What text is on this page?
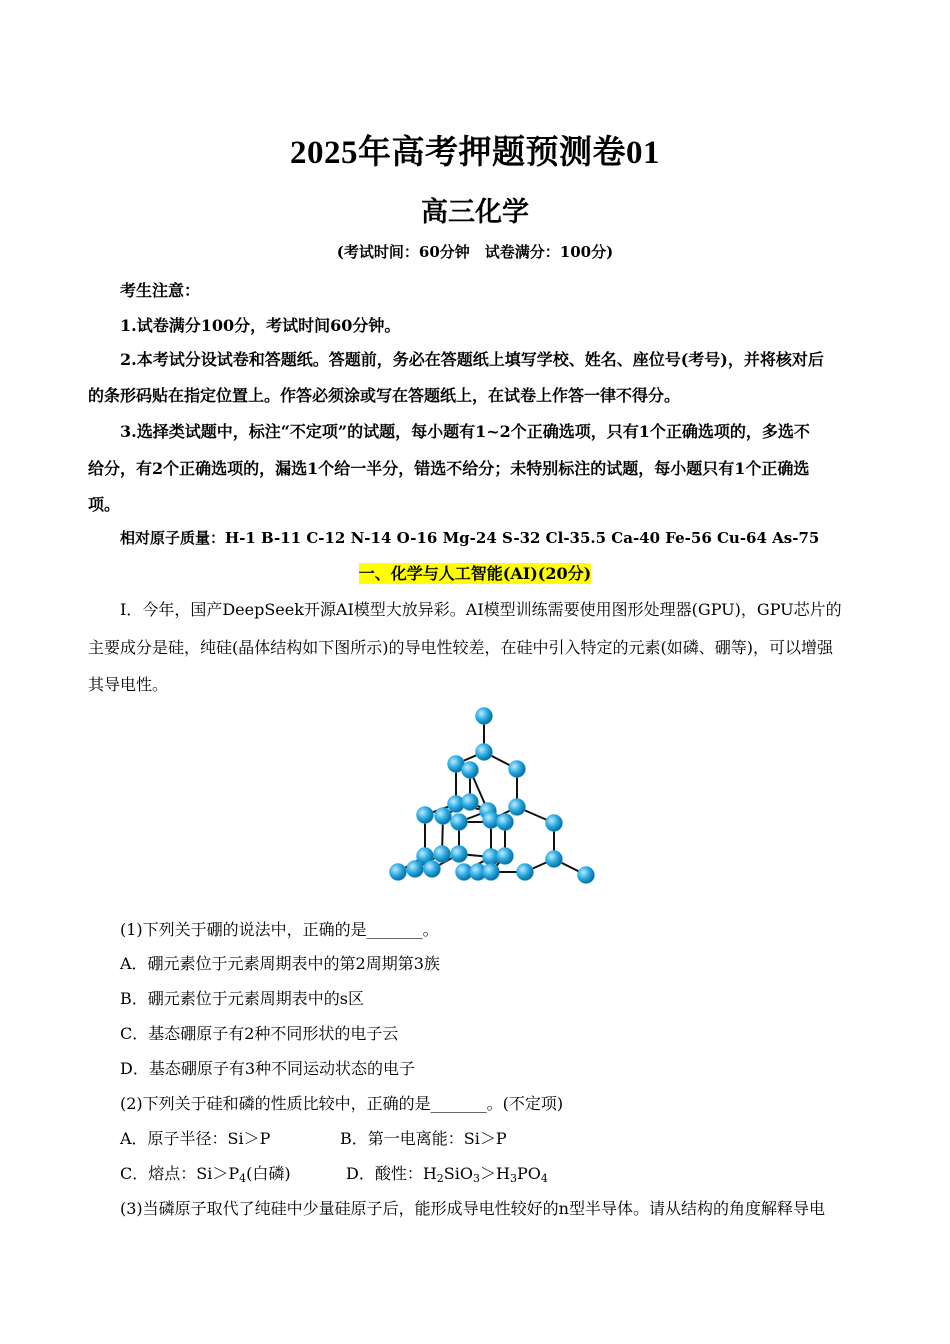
2025年高考押题预测卷01
高三化学
(考试时间：60分钟　试卷满分：100分)
考生注意：
1.试卷满分100分，考试时间60分钟。
2.本考试分设试卷和答题纸。答题前，务必在答题纸上填写学校、姓名、座位号(考号)，并将核对后
的条形码贴在指定位置上。作答必须涂或写在答题纸上，在试卷上作答一律不得分。
3.选择类试题中，标注“不定项”的试题，每小题有1~2个正确选项，只有1个正确选项的，多选不
给分，有2个正确选项的，漏选1个给一半分，错选不给分；未特别标注的试题，每小题只有1个正确选
项。
相对原子质量：H-1 B-11 C-12 N-14 O-16 Mg-24 S-32 Cl-35.5 Ca-40 Fe-56 Cu-64 As-75
一、化学与人工智能(AI)(20分)
I．今年，国产DeepSeek开源AI模型大放异彩。AI模型训练需要使用图形处理器(GPU)，GPU芯片的
主要成分是硅，纯硅(晶体结构如下图所示)的导电性较差，在硅中引入特定的元素(如磷、硼等)，可以增强
其导电性。
(1)下列关于硼的说法中，正确的是_______。
A．硼元素位于元素周期表中的第2周期第3族
B．硼元素位于元素周期表中的s区
C．基态硼原子有2种不同形状的电子云
D．基态硼原子有3种不同运动状态的电子
(2)下列关于硅和磷的性质比较中，正确的是_______。(不定项)
A．原子半径：Si＞P	B．第一电离能：Si＞P
C．熔点：$Si>P_4$(白磷)	D．酸性：$H_2SiO_3>H_3PO_4$
(3)当磷原子取代了纯硅中少量硅原子后，能形成导电性较好的n型半导体。请从结构的角度解释导电
